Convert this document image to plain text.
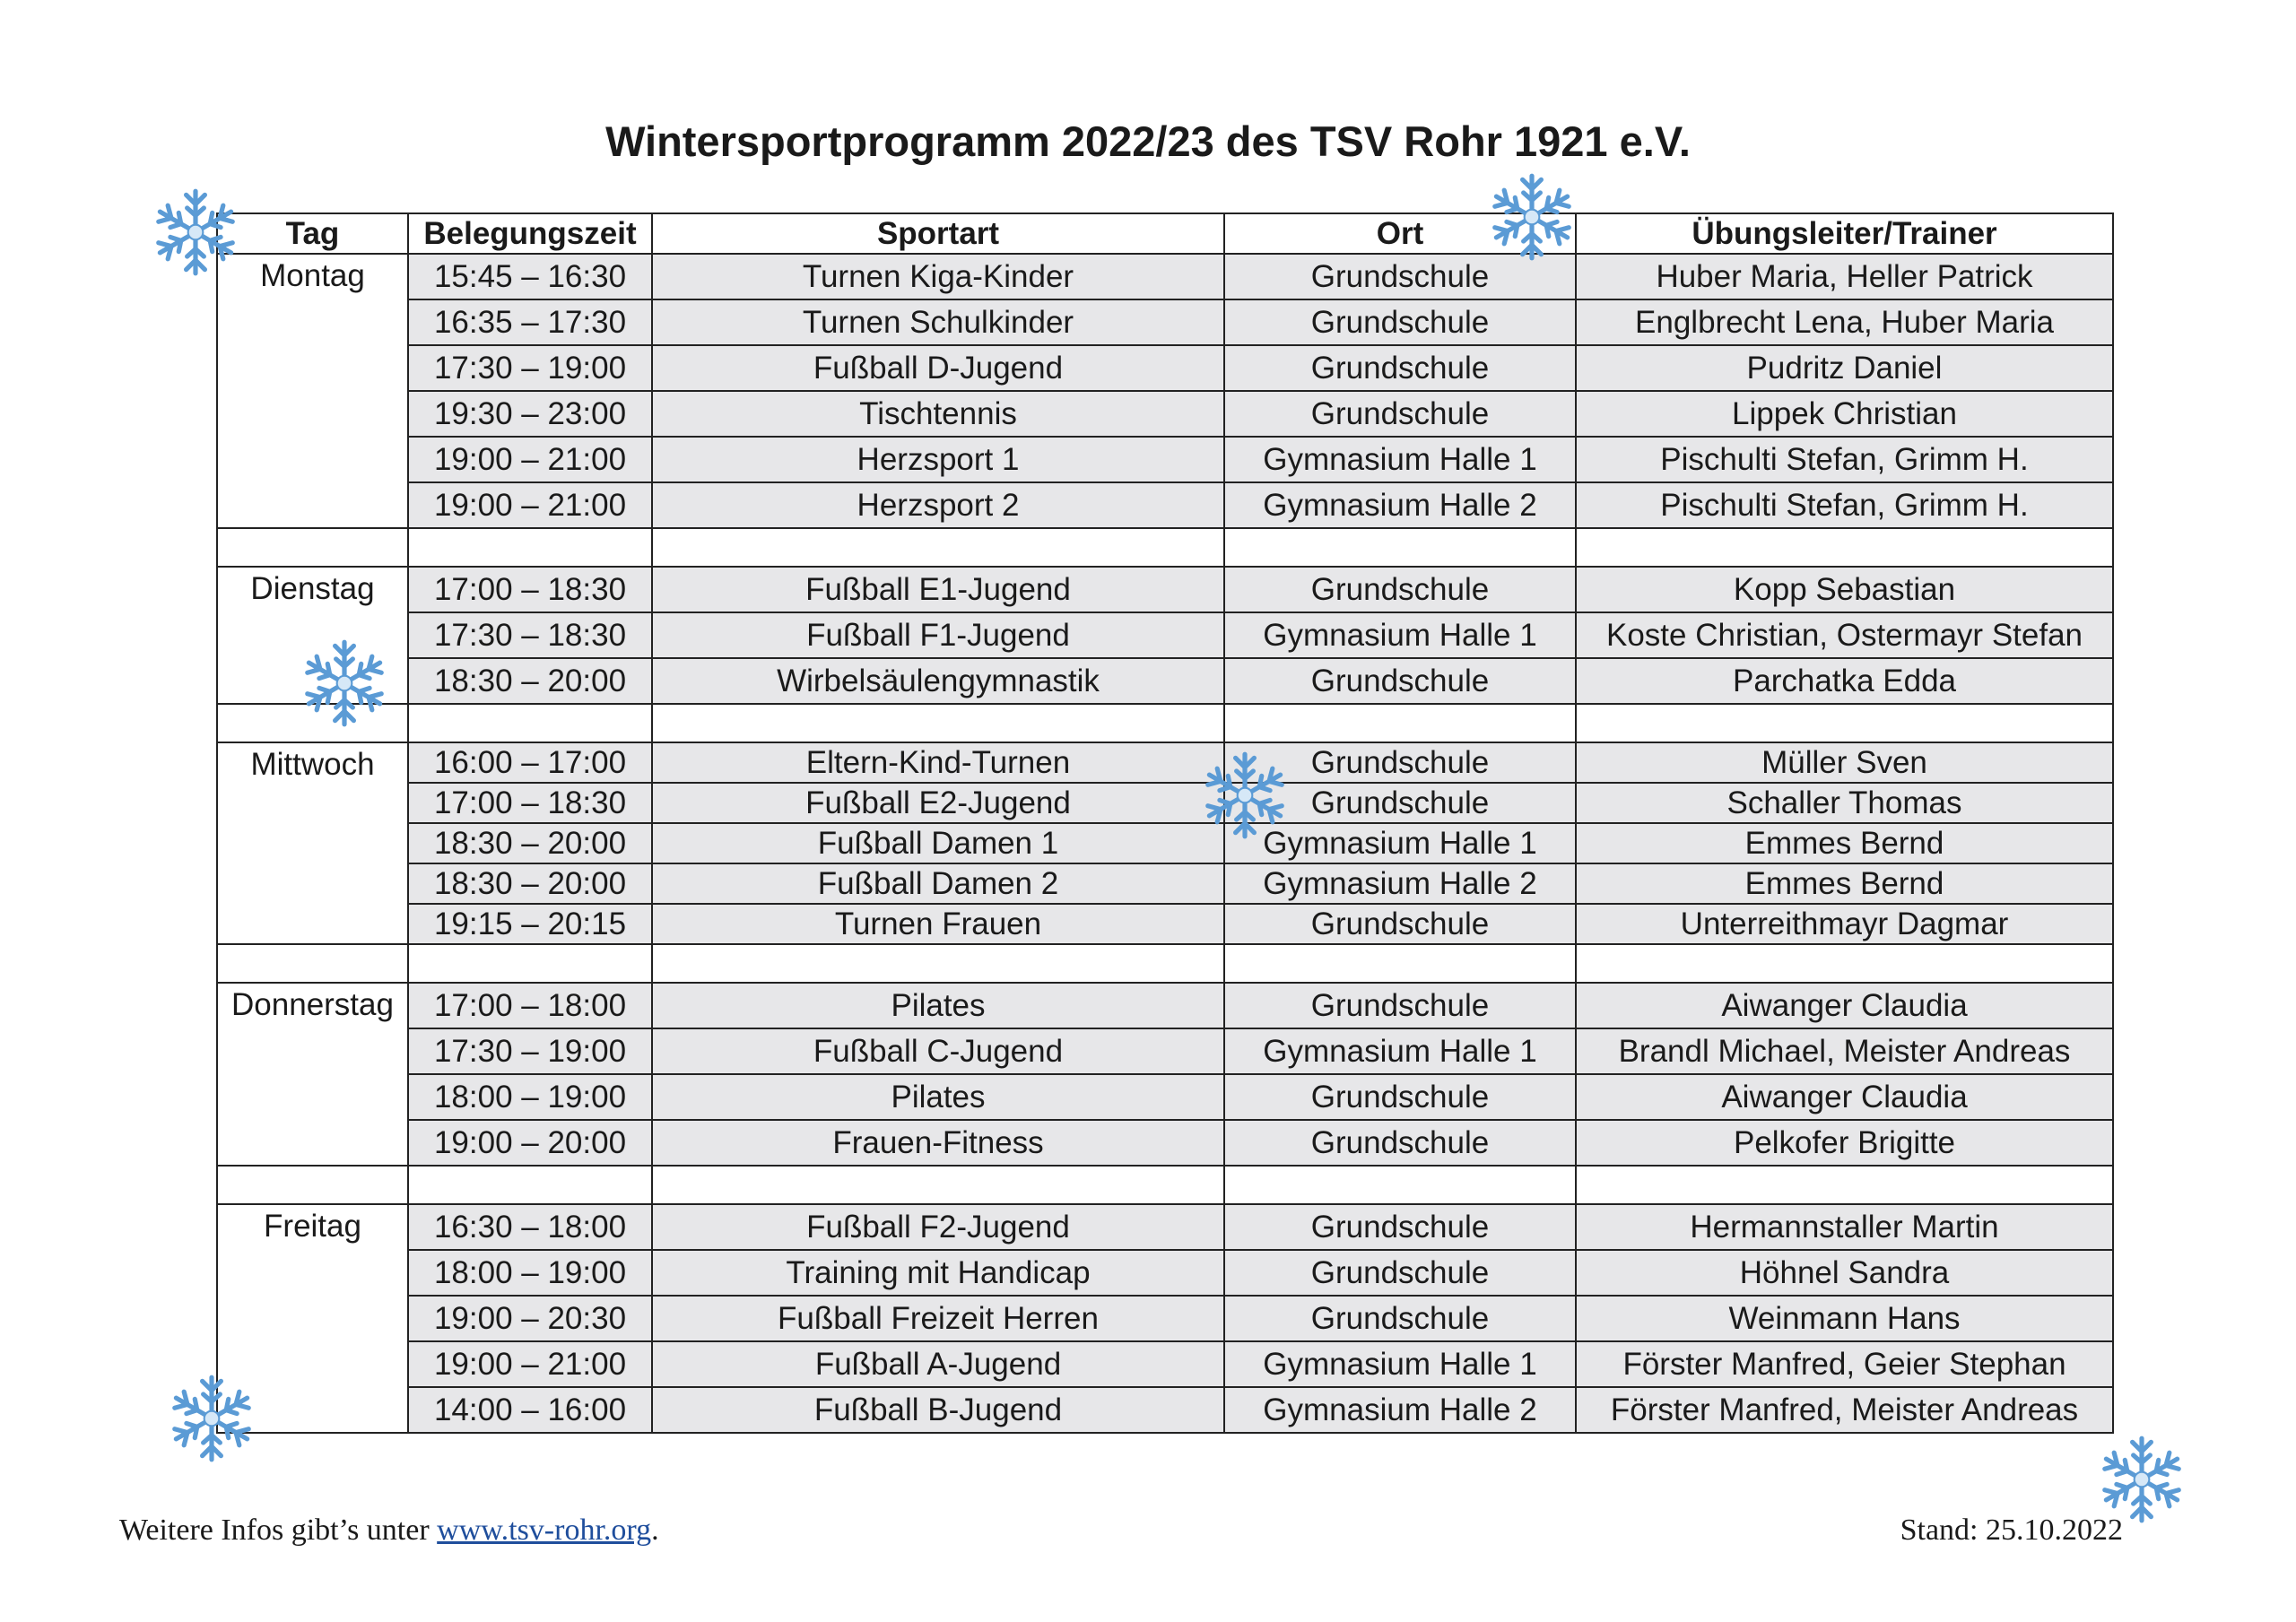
Wintersportprogramm 2022/23 des TSV Rohr 1921 e.V.
Tag	Belegungszeit	Sportart	Ort	Übungsleiter/Trainer

Montag	15:45 – 16:30	Turnen Kiga-Kinder	Grundschule	Huber Maria, Heller Patrick
	16:35 – 17:30	Turnen Schulkinder	Grundschule	Englbrecht Lena, Huber Maria
	17:30 – 19:00	Fußball D-Jugend	Grundschule	Pudritz Daniel
	19:30 – 23:00	Tischtennis	Grundschule	Lippek Christian
	19:00 – 21:00	Herzsport 1	Gymnasium Halle 1	Pischulti Stefan, Grimm H.
	19:00 – 21:00	Herzsport 2	Gymnasium Halle 2	Pischulti Stefan, Grimm H.

Dienstag	17:00 – 18:30	Fußball E1-Jugend	Grundschule	Kopp Sebastian
	17:30 – 18:30	Fußball F1-Jugend	Gymnasium Halle 1	Koste Christian, Ostermayr Stefan
	18:30 – 20:00	Wirbelsäulengymnastik	Grundschule	Parchatka Edda

Mittwoch	16:00 – 17:00	Eltern-Kind-Turnen	Grundschule	Müller Sven
	17:00 – 18:30	Fußball E2-Jugend	Grundschule	Schaller Thomas
	18:30 – 20:00	Fußball Damen 1	Gymnasium Halle 1	Emmes Bernd
	18:30 – 20:00	Fußball Damen 2	Gymnasium Halle 2	Emmes Bernd
	19:15 – 20:15	Turnen Frauen	Grundschule	Unterreithmayr Dagmar

Donnerstag	17:00 – 18:00	Pilates	Grundschule	Aiwanger Claudia
	17:30 – 19:00	Fußball C-Jugend	Gymnasium Halle 1	Brandl Michael, Meister Andreas
	18:00 – 19:00	Pilates	Grundschule	Aiwanger Claudia
	19:00 – 20:00	Frauen-Fitness	Grundschule	Pelkofer Brigitte

Freitag	16:30 – 18:00	Fußball F2-Jugend	Grundschule	Hermannstaller Martin
	18:00 – 19:00	Training mit Handicap	Grundschule	Höhnel Sandra
	19:00 – 20:30	Fußball Freizeit Herren	Grundschule	Weinmann Hans
	19:00 – 21:00	Fußball A-Jugend	Gymnasium Halle 1	Förster Manfred, Geier Stephan
	14:00 – 16:00	Fußball B-Jugend	Gymnasium Halle 2	Förster Manfred, Meister Andreas
Weitere Infos gibt’s unter www.tsv-rohr.org.	Stand: 25.10.2022
